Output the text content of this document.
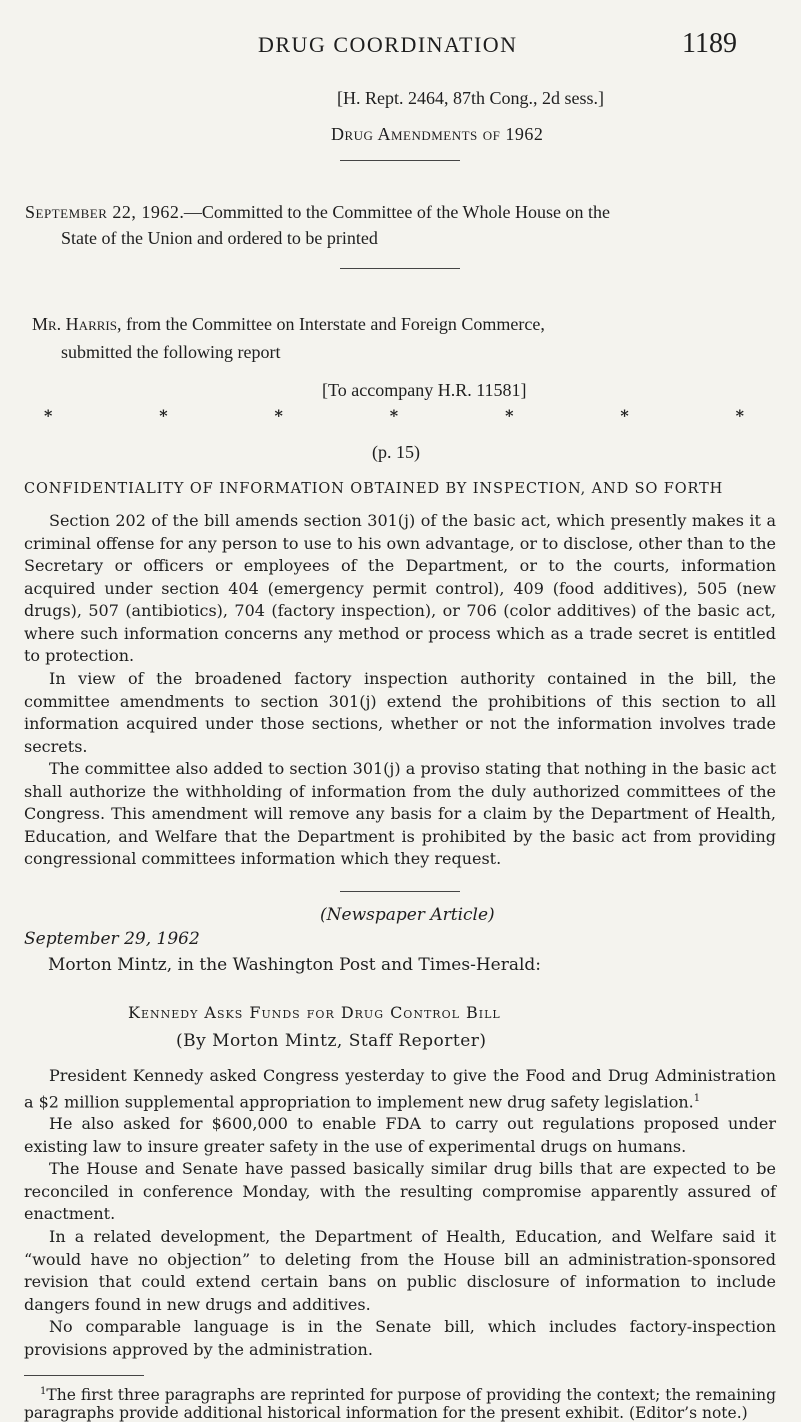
DRUG COORDINATION	1189
[H. Rept. 2464, 87th Cong., 2d sess.]
Drug Amendments of 1962
September 22, 1962.—Committed to the Committee of the Whole House on the
State of the Union and ordered to be printed
Mr. Harris, from the Committee on Interstate and Foreign Commerce,
submitted the following report
[To accompany H.R. 11581]
*	*	*	*	*	*	*
(p. 15)
CONFIDENTIALITY OF INFORMATION OBTAINED BY INSPECTION, AND SO FORTH

Section 202 of the bill amends section 301(j) of the basic act, which presently makes it a criminal offense for any person to use to his own advantage, or to disclose, other than to the Secretary or officers or employees of the Department, or to the courts, information acquired under section 404 (emergency permit control), 409 (food additives), 505 (new drugs), 507 (antibiotics), 704 (factory inspection), or 706 (color additives) of the basic act, where such information concerns any method or process which as a trade secret is entitled to protection.

In view of the broadened factory inspection authority contained in the bill, the committee amendments to section 301(j) extend the prohibitions of this section to all information acquired under those sections, whether or not the information involves trade secrets.

The committee also added to section 301(j) a proviso stating that nothing in the basic act shall authorize the withholding of information from the duly authorized committees of the Congress. This amendment will remove any basis for a claim by the Department of Health, Education, and Welfare that the Department is prohibited by the basic act from providing congressional committees information which they request.

(Newspaper Article)
September 29, 1962
Morton Mintz, in the Washington Post and Times-Herald:
Kennedy Asks Funds for Drug Control Bill
(By Morton Mintz, Staff Reporter)

President Kennedy asked Congress yesterday to give the Food and Drug Administration a $2 million supplemental appropriation to implement new drug safety legislation.$^1$

He also asked for $600,000 to enable FDA to carry out regulations proposed under existing law to insure greater safety in the use of experimental drugs on humans.

The House and Senate have passed basically similar drug bills that are expected to be reconciled in conference Monday, with the resulting compromise apparently assured of enactment.

In a related development, the Department of Health, Education, and Welfare said it “would have no objection” to deleting from the House bill an administration-sponsored revision that could extend certain bans on public disclosure of information to include dangers found in new drugs and additives.

No comparable language is in the Senate bill, which includes factory-inspection provisions approved by the administration.

$^1$The first three paragraphs are reprinted for purpose of providing the context; the remaining paragraphs provide additional historical information for the present exhibit. (Editor’s note.)
